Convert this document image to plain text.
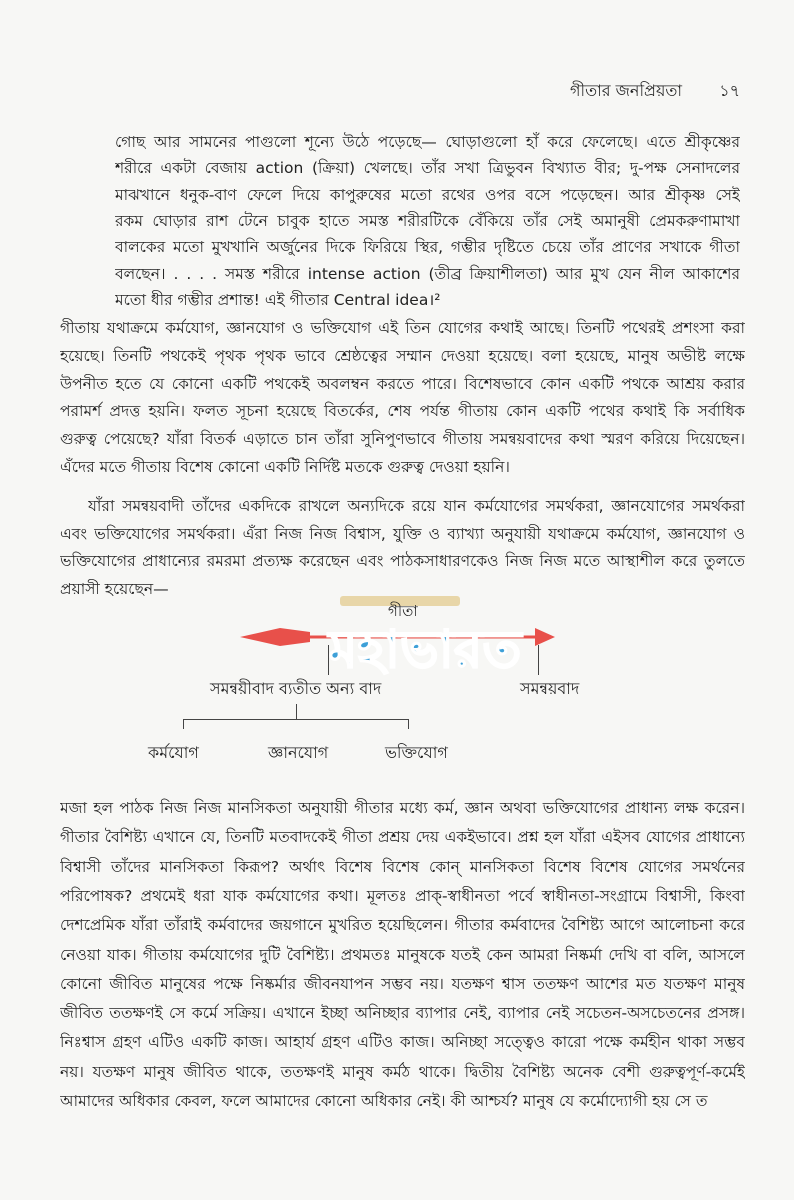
গীতার জনপ্রিয়তা ১৭
গোছ আর সামনের পাগুলো শূন্যে উঠে পড়েছে— ঘোড়াগুলো হাঁ করে ফেলেছে। এতে শ্রীকৃষ্ণের
শরীরে একটা বেজায় action (ক্রিয়া) খেলছে। তাঁর সখা ত্রিভুবন বিখ্যাত বীর; দু-পক্ষ সেনাদলের
মাঝখানে ধনুক-বাণ ফেলে দিয়ে কাপুরুষের মতো রথের ওপর বসে পড়েছেন। আর শ্রীকৃষ্ণ সেই
রকম ঘোড়ার রাশ টেনে চাবুক হাতে সমস্ত শরীরটিকে বেঁকিয়ে তাঁর সেই অমানুষী প্রেমকরুণামাখা
বালকের মতো মুখখানি অর্জুনের দিকে ফিরিয়ে স্থির, গম্ভীর দৃষ্টিতে চেয়ে তাঁর প্রাণের সখাকে গীতা
বলছেন। . . . . সমস্ত শরীরে intense action (তীব্র ক্রিয়াশীলতা) আর মুখ যেন নীল আকাশের
মতো ধীর গম্ভীর প্রশান্ত! এই গীতার Central idea।²
গীতায় যথাক্রমে কর্মযোগ, জ্ঞানযোগ ও ভক্তিযোগ এই তিন যোগের কথাই আছে। তিনটি পথেরই প্রশংসা করা
হয়েছে। তিনটি পথকেই পৃথক পৃথক ভাবে শ্রেষ্ঠত্বের সম্মান দেওয়া হয়েছে। বলা হয়েছে, মানুষ অভীষ্ট লক্ষে
উপনীত হতে যে কোনো একটি পথকেই অবলম্বন করতে পারে। বিশেষভাবে কোন একটি পথকে আশ্রয় করার
পরামর্শ প্রদত্ত হয়নি। ফলত সূচনা হয়েছে বিতর্কের, শেষ পর্যন্ত গীতায় কোন একটি পথের কথাই কি সর্বাধিক
গুরুত্ব পেয়েছে? যাঁরা বিতর্ক এড়াতে চান তাঁরা সুনিপুণভাবে গীতায় সমন্বয়বাদের কথা স্মরণ করিয়ে দিয়েছেন।
এঁদের মতে গীতায় বিশেষ কোনো একটি নির্দিষ্ট মতকে গুরুত্ব দেওয়া হয়নি।
যাঁরা সমন্বয়বাদী তাঁদের একদিকে রাখলে অন্যদিকে রয়ে যান কর্মযোগের সমর্থকরা, জ্ঞানযোগের সমর্থকরা
এবং ভক্তিযোগের সমর্থকরা। এঁরা নিজ নিজ বিশ্বাস, যুক্তি ও ব্যাখ্যা অনুযায়ী যথাক্রমে কর্মযোগ, জ্ঞানযোগ ও
ভক্তিযোগের প্রাধান্যের রমরমা প্রত্যক্ষ করেছেন এবং পাঠকসাধারণকেও নিজ নিজ মতে আস্থাশীল করে তুলতে
প্রয়াসী হয়েছেন—
মহাভারত
গীতা
সমন্বয়ীবাদ ব্যতীত অন্য বাদ	সমন্বয়বাদ
কর্মযোগ	জ্ঞানযোগ	ভক্তিযোগ
মজা হল পাঠক নিজ নিজ মানসিকতা অনুযায়ী গীতার মধ্যে কর্ম, জ্ঞান অথবা ভক্তিযোগের প্রাধান্য লক্ষ করেন।
গীতার বৈশিষ্ট্য এখানে যে, তিনটি মতবাদকেই গীতা প্রশ্রয় দেয় একইভাবে। প্রশ্ন হল যাঁরা এইসব যোগের প্রাধান্যে
বিশ্বাসী তাঁদের মানসিকতা কিরূপ? অর্থাৎ বিশেষ বিশেষ কোন্ মানসিকতা বিশেষ বিশেষ যোগের সমর্থনের
পরিপোষক? প্রথমেই ধরা যাক কর্মযোগের কথা। মূলতঃ প্রাক্-স্বাধীনতা পর্বে স্বাধীনতা-সংগ্রামে বিশ্বাসী, কিংবা
দেশপ্রেমিক যাঁরা তাঁরাই কর্মবাদের জয়গানে মুখরিত হয়েছিলেন। গীতার কর্মবাদের বৈশিষ্ট্য আগে আলোচনা করে
নেওয়া যাক। গীতায় কর্মযোগের দুটি বৈশিষ্ট্য। প্রথমতঃ মানুষকে যতই কেন আমরা নিষ্কর্মা দেখি বা বলি, আসলে
কোনো জীবিত মানুষের পক্ষে নিষ্কর্মার জীবনযাপন সম্ভব নয়। যতক্ষণ শ্বাস ততক্ষণ আশের মত যতক্ষণ মানুষ
জীবিত ততক্ষণই সে কর্মে সক্রিয়। এখানে ইচ্ছা অনিচ্ছার ব্যাপার নেই, ব্যাপার নেই সচেতন-অসচেতনের প্রসঙ্গ।
নিঃশ্বাস গ্রহণ এটিও একটি কাজ। আহার্য গ্রহণ এটিও কাজ। অনিচ্ছা সত্ত্বেও কারো পক্ষে কর্মহীন থাকা সম্ভব
নয়। যতক্ষণ মানুষ জীবিত থাকে, ততক্ষণই মানুষ কর্মঠ থাকে। দ্বিতীয় বৈশিষ্ট্য অনেক বেশী গুরুত্বপূর্ণ-কর্মেই
আমাদের অধিকার কেবল, ফলে আমাদের কোনো অধিকার নেই। কী আশ্চর্য? মানুষ যে কর্মোদ্যোগী হয় সে ত
